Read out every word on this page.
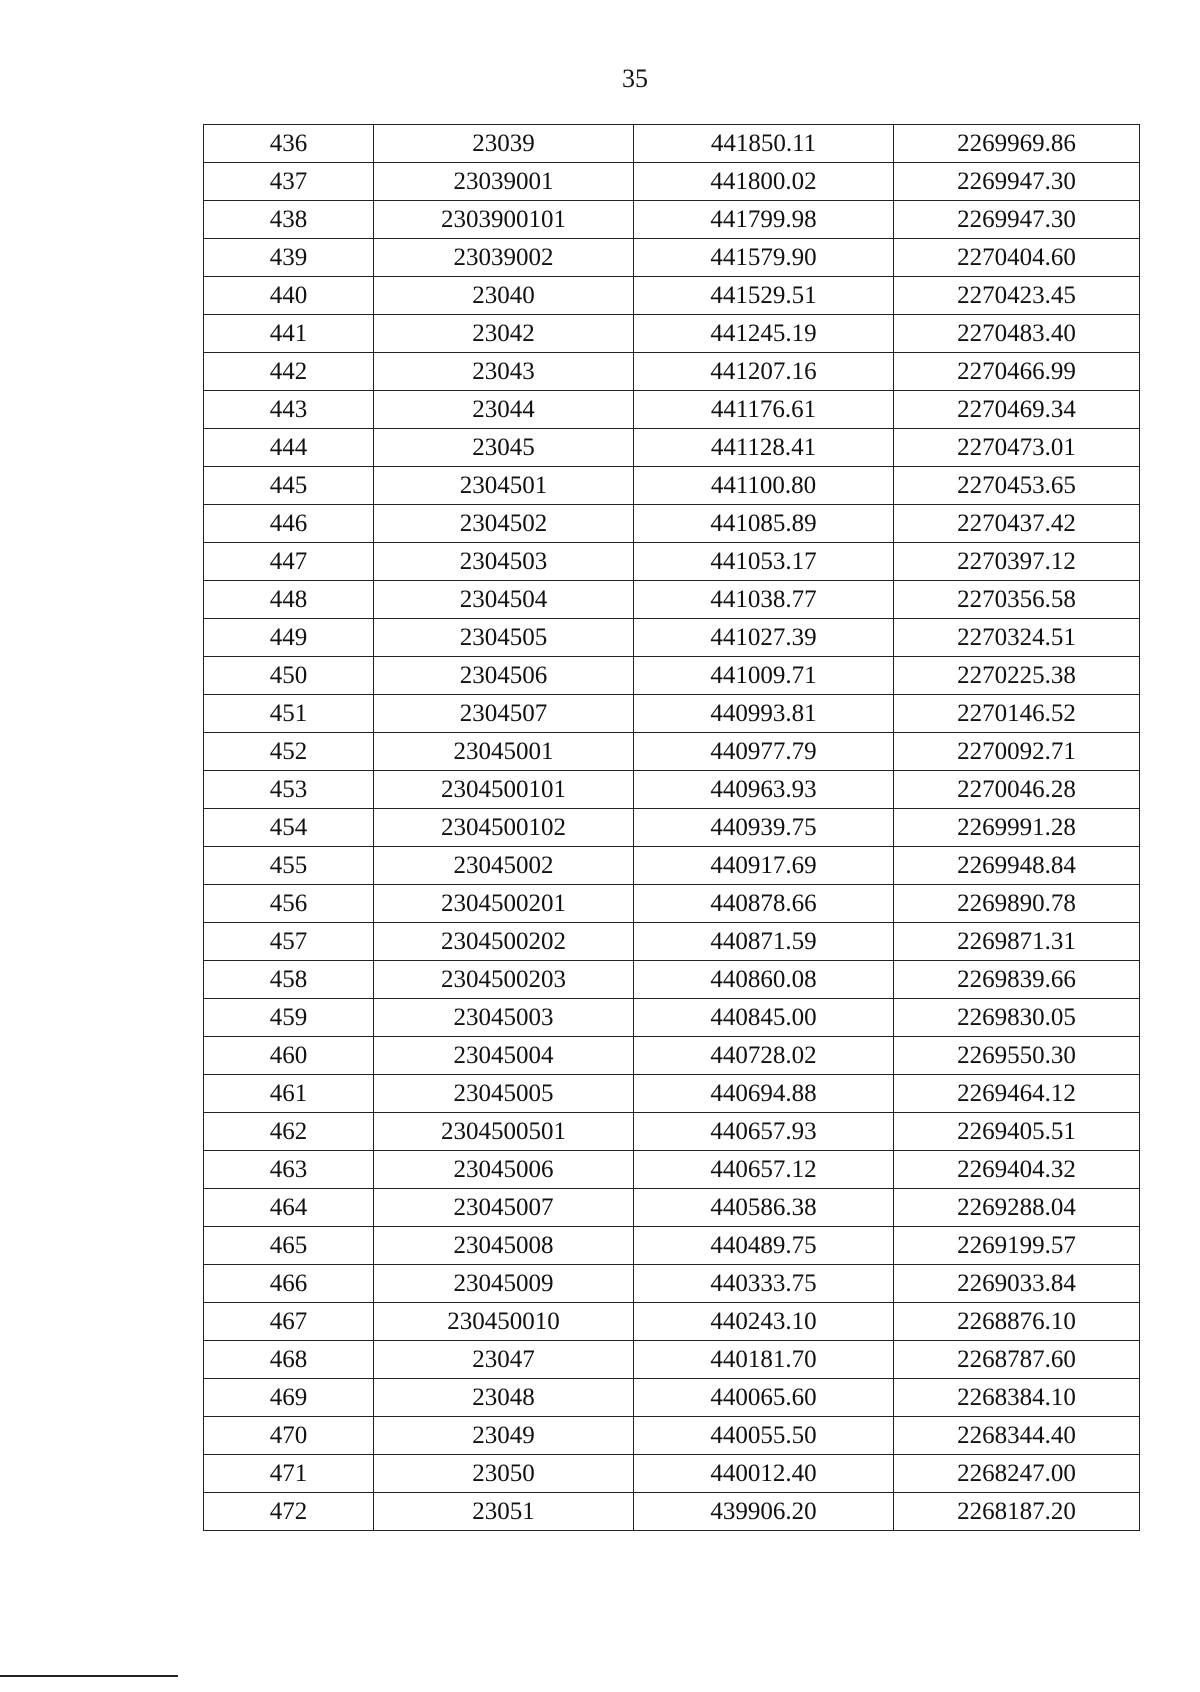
35
436	23039	441850.11	2269969.86
437	23039001	441800.02	2269947.30
438	2303900101	441799.98	2269947.30
439	23039002	441579.90	2270404.60
440	23040	441529.51	2270423.45
441	23042	441245.19	2270483.40
442	23043	441207.16	2270466.99
443	23044	441176.61	2270469.34
444	23045	441128.41	2270473.01
445	2304501	441100.80	2270453.65
446	2304502	441085.89	2270437.42
447	2304503	441053.17	2270397.12
448	2304504	441038.77	2270356.58
449	2304505	441027.39	2270324.51
450	2304506	441009.71	2270225.38
451	2304507	440993.81	2270146.52
452	23045001	440977.79	2270092.71
453	2304500101	440963.93	2270046.28
454	2304500102	440939.75	2269991.28
455	23045002	440917.69	2269948.84
456	2304500201	440878.66	2269890.78
457	2304500202	440871.59	2269871.31
458	2304500203	440860.08	2269839.66
459	23045003	440845.00	2269830.05
460	23045004	440728.02	2269550.30
461	23045005	440694.88	2269464.12
462	2304500501	440657.93	2269405.51
463	23045006	440657.12	2269404.32
464	23045007	440586.38	2269288.04
465	23045008	440489.75	2269199.57
466	23045009	440333.75	2269033.84
467	230450010	440243.10	2268876.10
468	23047	440181.70	2268787.60
469	23048	440065.60	2268384.10
470	23049	440055.50	2268344.40
471	23050	440012.40	2268247.00
472	23051	439906.20	2268187.20
